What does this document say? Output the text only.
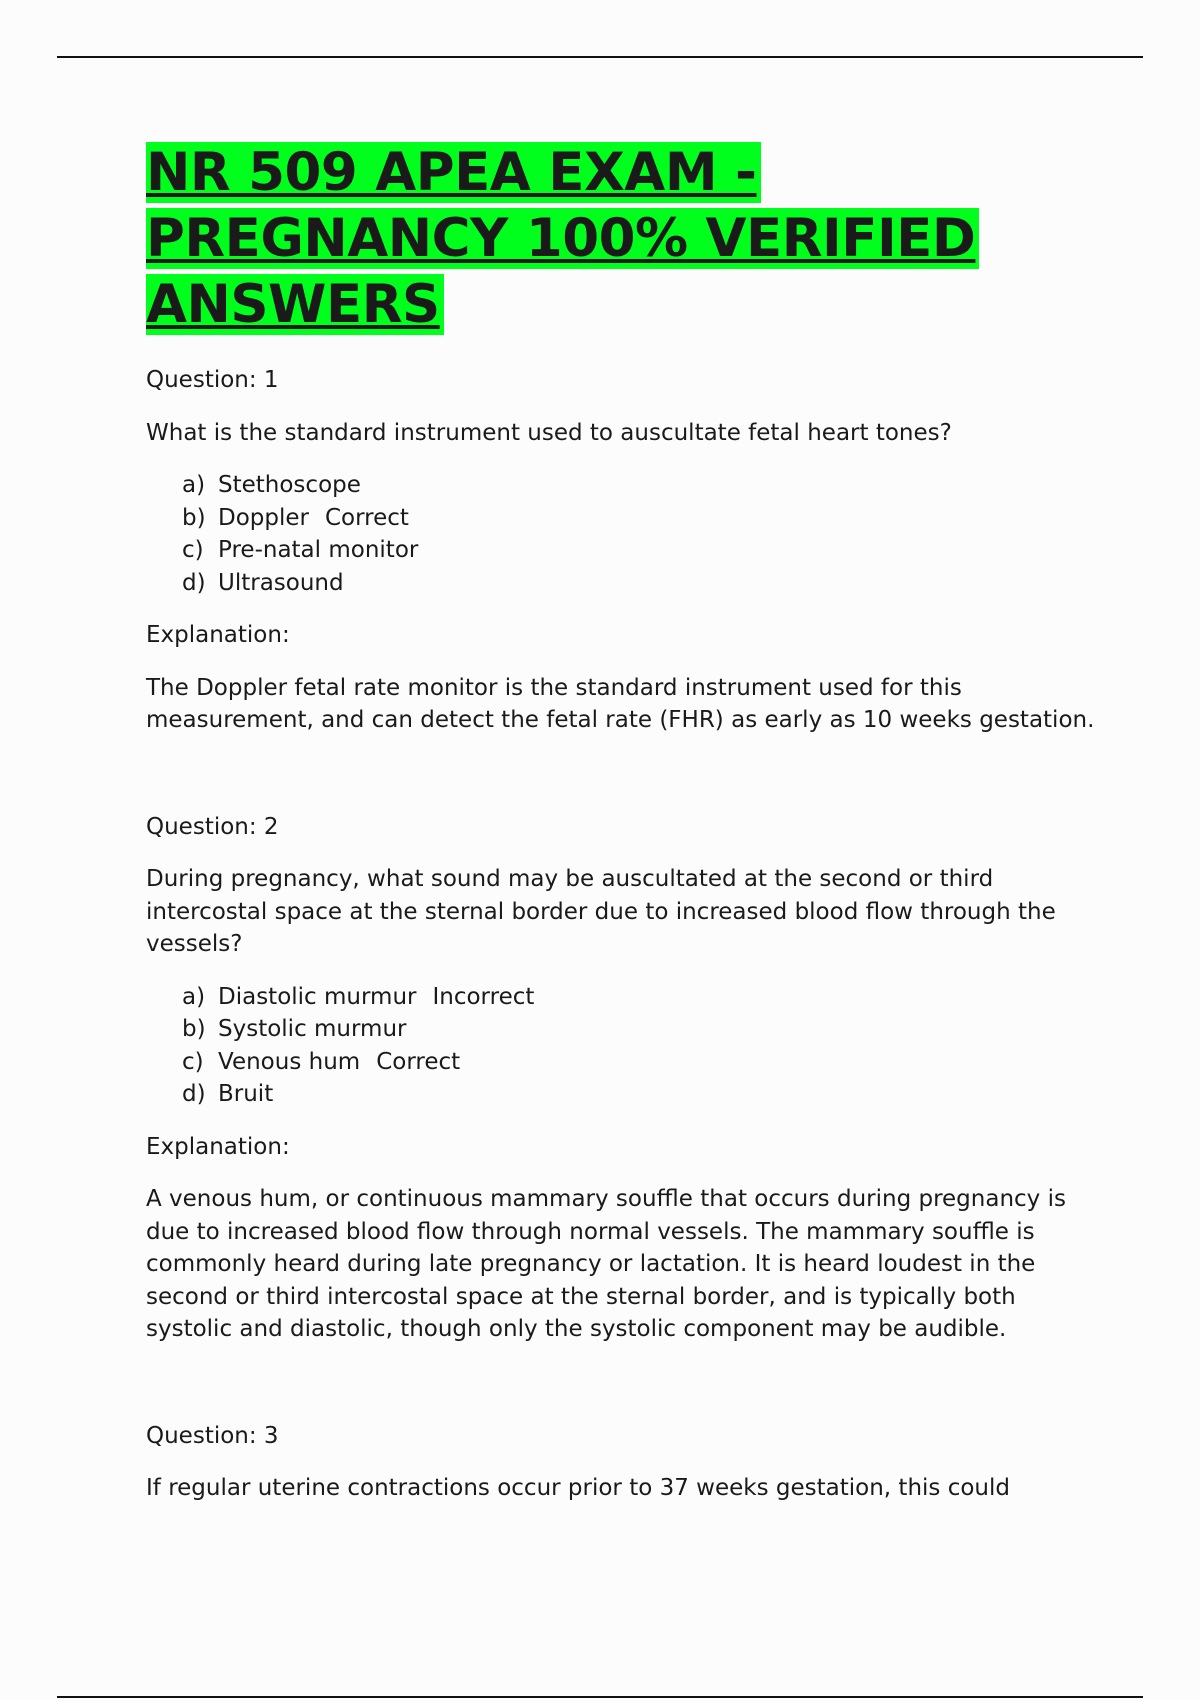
NR 509 APEA EXAM -
PREGNANCY 100% VERIFIED
ANSWERS

Question: 1

What is the standard instrument used to auscultate fetal heart tones?

a) Stethoscope
b) Doppler Correct
c) Pre-natal monitor
d) Ultrasound

Explanation:

The Doppler fetal rate monitor is the standard instrument used for this measurement, and can detect the fetal rate (FHR) as early as 10 weeks gestation.

Question: 2

During pregnancy, what sound may be auscultated at the second or third intercostal space at the sternal border due to increased blood flow through the vessels?

a) Diastolic murmur Incorrect
b) Systolic murmur
c) Venous hum Correct
d) Bruit

Explanation:

A venous hum, or continuous mammary souffle that occurs during pregnancy is due to increased blood flow through normal vessels. The mammary souffle is commonly heard during late pregnancy or lactation. It is heard loudest in the second or third intercostal space at the sternal border, and is typically both systolic and diastolic, though only the systolic component may be audible.

Question: 3

If regular uterine contractions occur prior to 37 weeks gestation, this could
